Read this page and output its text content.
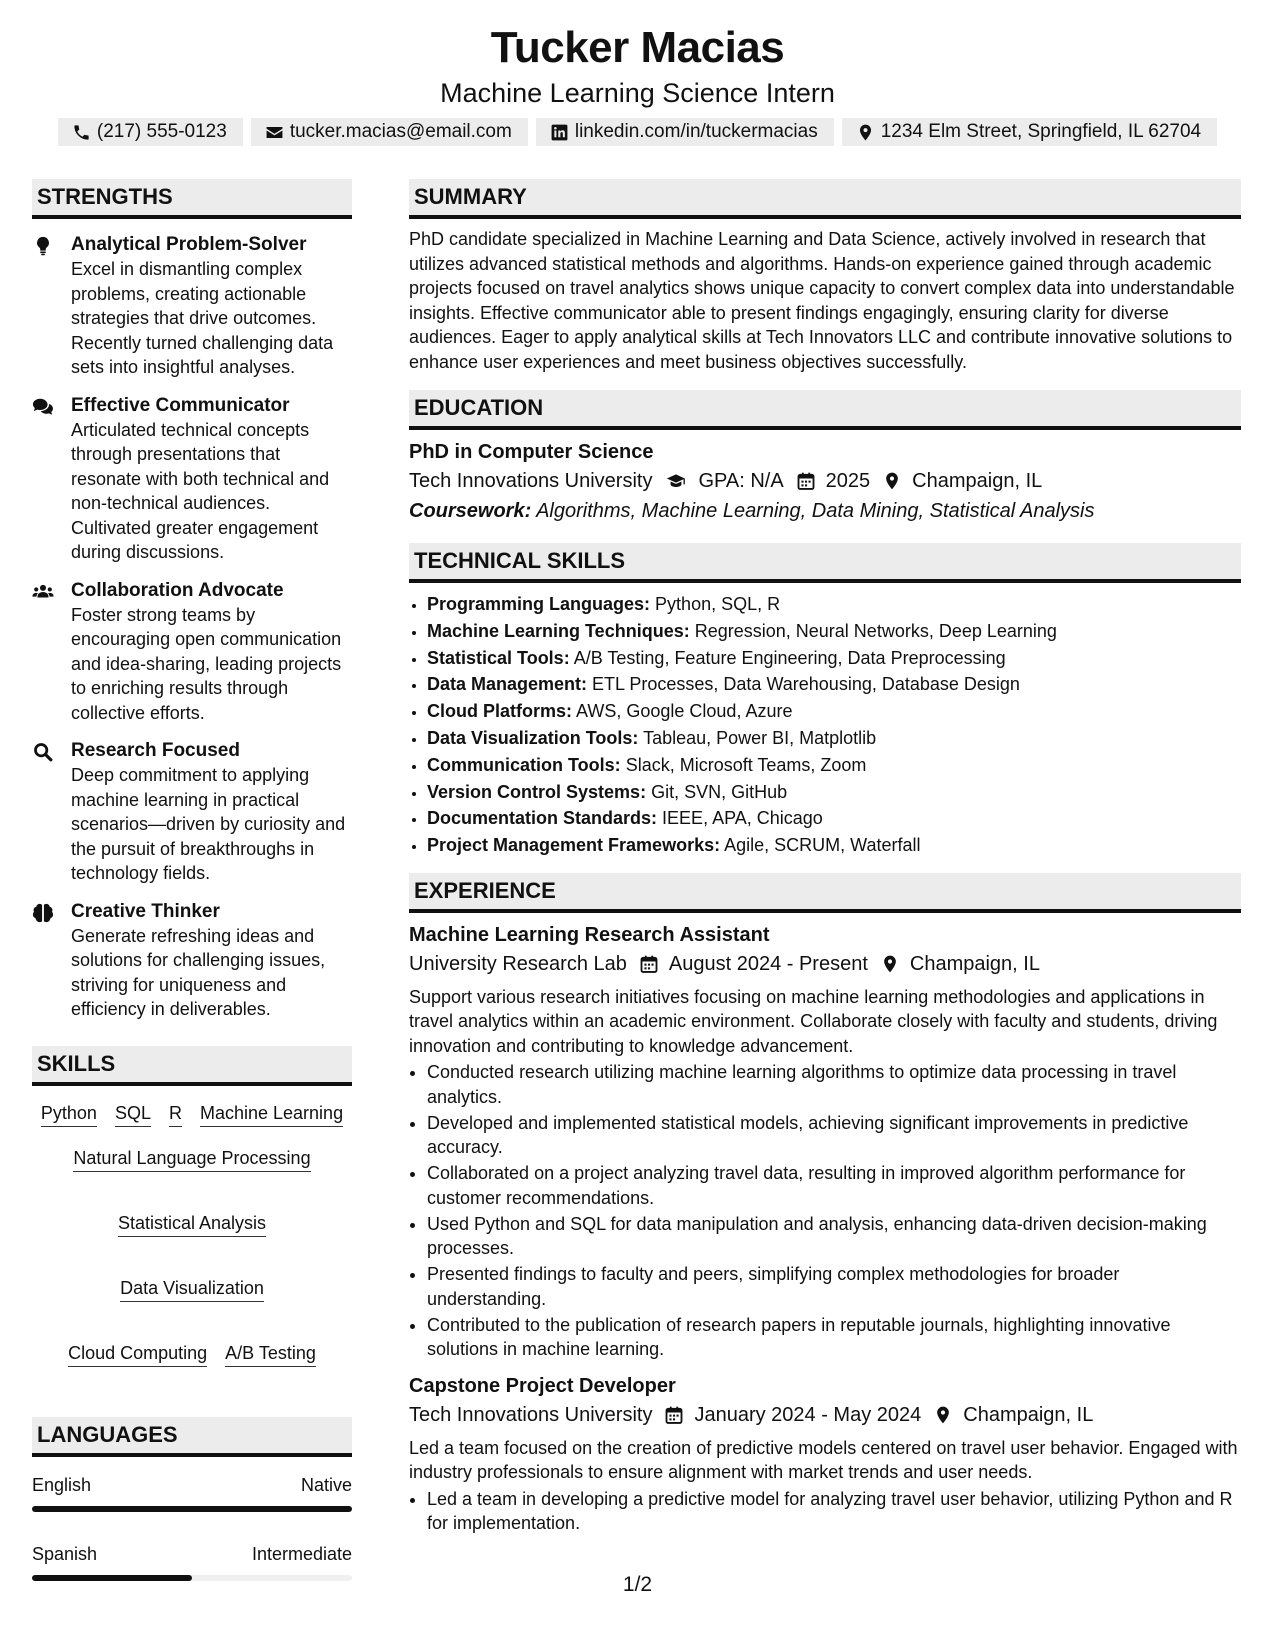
Tucker Macias
Machine Learning Science Intern
(217) 555-0123	tucker.macias@email.com	linkedin.com/in/tuckermacias	1234 Elm Street, Springfield, IL 62704
STRENGTHS
Analytical Problem-Solver
Excel in dismantling complex problems, creating actionable strategies that drive outcomes. Recently turned challenging data sets into insightful analyses.
Effective Communicator
Articulated technical concepts through presentations that resonate with both technical and non-technical audiences. Cultivated greater engagement during discussions.
Collaboration Advocate
Foster strong teams by encouraging open communication and idea-sharing, leading projects to enriching results through collective efforts.
Research Focused
Deep commitment to applying machine learning in practical scenarios—driven by curiosity and the pursuit of breakthroughs in technology fields.
Creative Thinker
Generate refreshing ideas and solutions for challenging issues, striving for uniqueness and efficiency in deliverables.
SKILLS
Python SQL R Machine Learning
Natural Language Processing
Statistical Analysis
Data Visualization
Cloud Computing A/B Testing
LANGUAGES
English	Native
Spanish	Intermediate
SUMMARY
PhD candidate specialized in Machine Learning and Data Science, actively involved in research that utilizes advanced statistical methods and algorithms. Hands-on experience gained through academic projects focused on travel analytics shows unique capacity to convert complex data into understandable insights. Effective communicator able to present findings engagingly, ensuring clarity for diverse audiences. Eager to apply analytical skills at Tech Innovators LLC and contribute innovative solutions to enhance user experiences and meet business objectives successfully.
EDUCATION
PhD in Computer Science
Tech Innovations University GPA: N/A 2025 Champaign, IL
Coursework: Algorithms, Machine Learning, Data Mining, Statistical Analysis
TECHNICAL SKILLS
• Programming Languages: Python, SQL, R
• Machine Learning Techniques: Regression, Neural Networks, Deep Learning
• Statistical Tools: A/B Testing, Feature Engineering, Data Preprocessing
• Data Management: ETL Processes, Data Warehousing, Database Design
• Cloud Platforms: AWS, Google Cloud, Azure
• Data Visualization Tools: Tableau, Power BI, Matplotlib
• Communication Tools: Slack, Microsoft Teams, Zoom
• Version Control Systems: Git, SVN, GitHub
• Documentation Standards: IEEE, APA, Chicago
• Project Management Frameworks: Agile, SCRUM, Waterfall
EXPERIENCE
Machine Learning Research Assistant
University Research Lab August 2024 - Present Champaign, IL
Support various research initiatives focusing on machine learning methodologies and applications in travel analytics within an academic environment. Collaborate closely with faculty and students, driving innovation and contributing to knowledge advancement.
• Conducted research utilizing machine learning algorithms to optimize data processing in travel analytics.
• Developed and implemented statistical models, achieving significant improvements in predictive accuracy.
• Collaborated on a project analyzing travel data, resulting in improved algorithm performance for customer recommendations.
• Used Python and SQL for data manipulation and analysis, enhancing data-driven decision-making processes.
• Presented findings to faculty and peers, simplifying complex methodologies for broader understanding.
• Contributed to the publication of research papers in reputable journals, highlighting innovative solutions in machine learning.
Capstone Project Developer
Tech Innovations University January 2024 - May 2024 Champaign, IL
Led a team focused on the creation of predictive models centered on travel user behavior. Engaged with industry professionals to ensure alignment with market trends and user needs.
• Led a team in developing a predictive model for analyzing travel user behavior, utilizing Python and R for implementation.
1/2
